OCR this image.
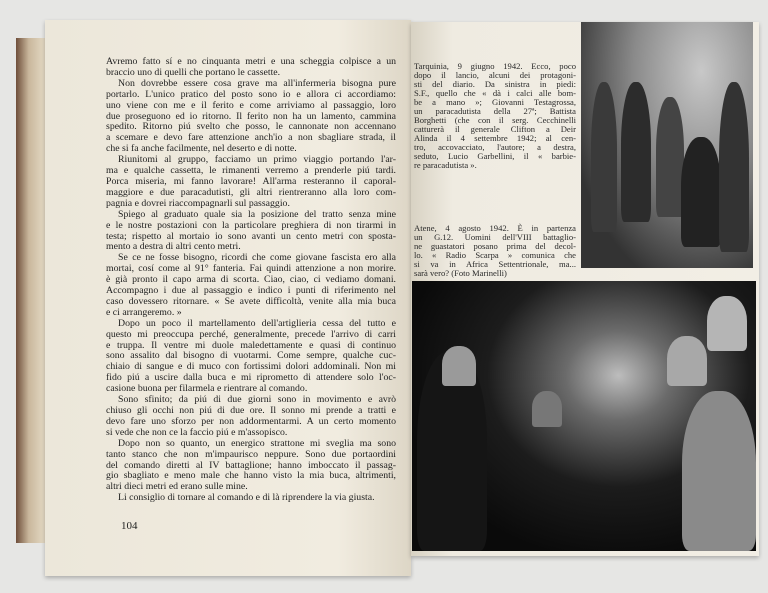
Avremo fatto sí e no cinquanta metri e una scheggia colpisce a un
braccio uno di quelli che portano le cassette.
Non dovrebbe essere cosa grave ma all'infermeria bisogna pure
portarlo. L'unico pratico del posto sono io e allora ci accordiamo:
uno viene con me e il ferito e come arriviamo al passaggio, loro
due proseguono ed io ritorno. Il ferito non ha un lamento, cammina
spedito. Ritorno piú svelto che posso, le cannonate non accennano
a scemare e devo fare attenzione anch'io a non sbagliare strada, il
che si fa anche facilmente, nel deserto e di notte.
Riunitomi al gruppo, facciamo un primo viaggio portando l'ar-
ma e qualche cassetta, le rimanenti verremo a prenderle piú tardi.
Porca miseria, mi fanno lavorare! All'arma resteranno il caporal-
maggiore e due paracadutisti, gli altri rientreranno alla loro com-
pagnia e dovrei riaccompagnarli sul passaggio.
Spiego al graduato quale sia la posizione del tratto senza mine
e le nostre postazioni con la particolare preghiera di non tirarmi in
testa; rispetto al mortaio io sono avanti un cento metri con sposta-
mento a destra di altri cento metri.
Se ce ne fosse bisogno, ricordi che come giovane fascista ero alla
mortai, cosí come al 91° fanteria. Fai quindi attenzione a non morire.
è già pronto il capo arma di scorta. Ciao, ciao, ci vediamo domani.
Accompagno i due al passaggio e indico i punti di riferimento nel
caso dovessero ritornare. « Se avete difficoltà, venite alla mia buca
e ci arrangeremo. »
Dopo un poco il martellamento dell'artiglieria cessa del tutto e
questo mi preoccupa perché, generalmente, precede l'arrivo di carri
e truppa. Il ventre mi duole maledettamente e quasi di continuo
sono assalito dal bisogno di vuotarmi. Come sempre, qualche cuc-
chiaio di sangue e di muco con fortissimi dolori addominali. Non mi
fido piú a uscire dalla buca e mi riprometto di attendere solo l'oc-
casione buona per filarmela e rientrare al comando.
Sono sfinito; da piú di due giorni sono in movimento e avrò
chiuso gli occhi non piú di due ore. Il sonno mi prende a tratti e
devo fare uno sforzo per non addormentarmi. A un certo momento
si vede che non ce la faccio piú e m'assopisco.
Dopo non so quanto, un energico strattone mi sveglia ma sono
tanto stanco che non m'impaurisco neppure. Sono due portaordini
del comando diretti al IV battaglione; hanno imboccato il passag-
gio sbagliato e meno male che hanno visto la mia buca, altrimenti,
altri dieci metri ed erano sulle mine.
Li consiglio di tornare al comando e di là riprendere la via giusta.
104
Tarquinia, 9 giugno 1942. Ecco, poco
dopo il lancio, alcuni dei protagoni-
sti del diario. Da sinistra in piedi:
S.F., quello che « dà i calci alle bom-
be a mano »; Giovanni Testagrossa,
un paracadutista della 27ª; Battista
Borghetti (che con il serg. Cecchinelli
catturerà il generale Clifton a Deir
Alinda il 4 settembre 1942; al cen-
tro, accovacciato, l'autore; a destra,
seduto, Lucio Garbellini, il « barbie-
re paracadutista ».
Atene, 4 agosto 1942. È in partenza
un G.12. Uomini dell'VIII battaglio-
ne guastatori posano prima del decol-
lo. « Radio Scarpa » comunica che
si va in Africa Settentrionale, ma...
sarà vero? (Foto Marinelli)
